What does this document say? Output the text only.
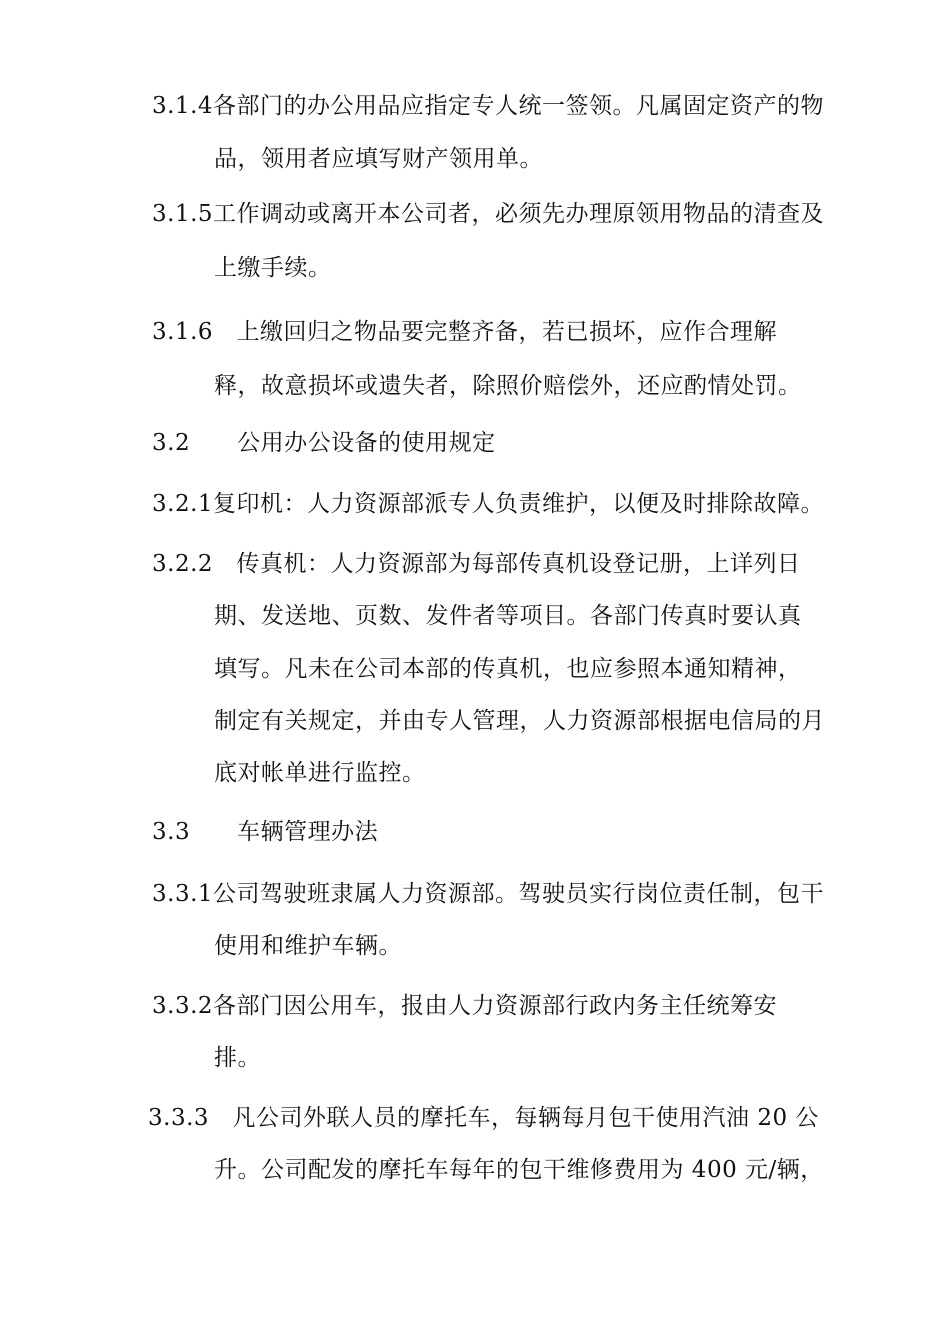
3.1.4各部门的办公用品应指定专人统一签领。凡属固定资产的物
品，领用者应填写财产领用单。
3.1.5工作调动或离开本公司者，必须先办理原领用物品的清查及
上缴手续。
3.1.6　上缴回归之物品要完整齐备，若已损坏，应作合理解
释，故意损坏或遗失者，除照价赔偿外，还应酌情处罚。
3.2　　公用办公设备的使用规定
3.2.1复印机：人力资源部派专人负责维护，以便及时排除故障。
3.2.2　传真机：人力资源部为每部传真机设登记册，上详列日
期、发送地、页数、发件者等项目。各部门传真时要认真
填写。凡未在公司本部的传真机，也应参照本通知精神，
制定有关规定，并由专人管理，人力资源部根据电信局的月
底对帐单进行监控。
3.3　　车辆管理办法
3.3.1公司驾驶班隶属人力资源部。驾驶员实行岗位责任制，包干
使用和维护车辆。
3.3.2各部门因公用车，报由人力资源部行政内务主任统筹安
排。
3.3.3　凡公司外联人员的摩托车，每辆每月包干使用汽油 20 公
升。公司配发的摩托车每年的包干维修费用为 400 元/辆，
